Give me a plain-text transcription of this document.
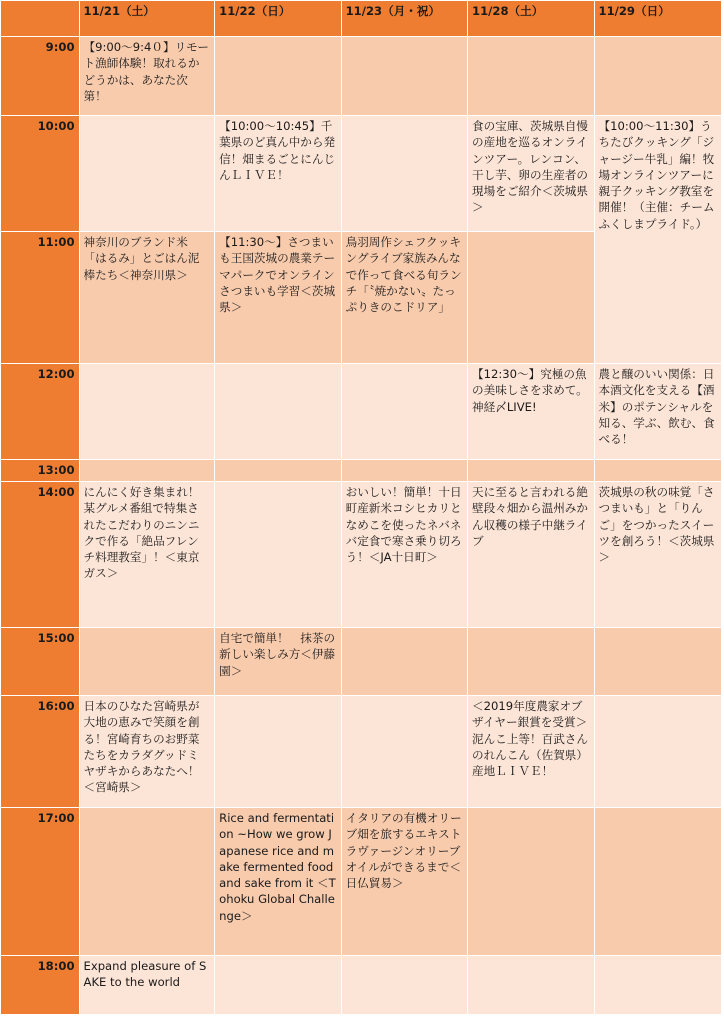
	11/21（土）	11/22（日）	11/23（月・祝）	11/28（土）	11/29（日）
9:00	【9:00～9:4０】リモート漁師体験！取れるかどうかは、あなた次第！				
10:00		【10:00～10:45】千葉県のど真ん中から発信！畑まるごとにんじんＬＩＶＥ！		食の宝庫、茨城県自慢の産地を巡るオンラインツアー。レンコン、干し芋、卵の生産者の現場をご紹介＜茨城県＞	【10:00～11:30】うちたびクッキング「ジャージー牛乳」編！牧場オンラインツアーに親子クッキング教室を開催！（主催：チームふくしまプライド。）
11:00	神奈川のブランド米「はるみ」とごはん泥棒たち＜神奈川県＞	【11:30～】さつまいも王国茨城の農業テーマパークでオンラインさつまいも学習＜茨城県＞	鳥羽周作シェフクッキングライブ家族みんなで作って食べる旬ランチ「〝焼かない〟たっぷりきのこドリア」		
12:00				【12:30～】究極の魚の美味しさを求めて。神経〆LIVE!	農と醸のいい関係：日本酒文化を支える【酒米】のポテンシャルを知る、学ぶ、飲む、食べる！
13:00					
14:00	にんにく好き集まれ！某グルメ番組で特集されたこだわりのニンニクで作る「絶品フレンチ料理教室」！＜東京ガス＞		おいしい！簡単！十日町産新米コシヒカリとなめこを使ったネバネバ定食で寒さ乗り切ろう！＜JA十日町＞	天に至ると言われる絶壁段々畑から温州みかん収穫の様子中継ライブ	茨城県の秋の味覚「さつまいも」と「りんご」をつかったスイーツを創ろう！＜茨城県＞
15:00		自宅で簡単！　抹茶の新しい楽しみ方＜伊藤園＞			
16:00	日本のひなた宮崎県が大地の恵みで笑顔を創る！宮崎育ちのお野菜たちをカラダグッドミヤザキからあなたへ！＜宮崎県＞			＜2019年度農家オブザイヤー銀賞を受賞＞泥んこ上等！百武さんのれんこん（佐賀県）産地ＬＩＶＥ！	
17:00		Rice and fermentation ~How we grow Japanese rice and make fermented food and sake from it ＜Tohoku Global Challenge＞	イタリアの有機オリーブ畑を旅するエキストラヴァージンオリーブオイルができるまで＜日仏貿易＞		
18:00	Expand pleasure of SAKE to the world				
